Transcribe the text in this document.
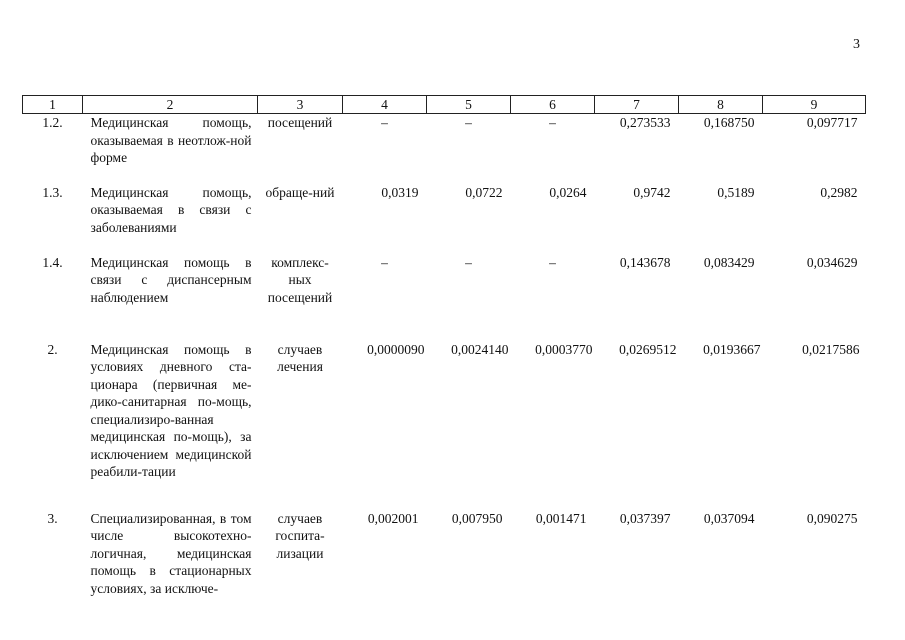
3
1	2	3	4	5	6	7	8	9
1.2.	Медицинская помощь, оказываемая в неотлож-ной форме	посещений	–	–	–	0,273533	0,168750	0,097717
1.3.	Медицинская помощь, оказываемая в связи с заболеваниями	обраще-ний	0,0319	0,0722	0,0264	0,9742	0,5189	0,2982
1.4.	Медицинская помощь в связи с диспансерным наблюдением	комплекс-ных посещений	–	–	–	0,143678	0,083429	0,034629
2.	Медицинская помощь в условиях дневного ста-ционара (первичная ме-дико-санитарная по-мощь, специализиро-ванная медицинская по-мощь), за исключением медицинской реабили-тации	случаев лечения	0,0000090	0,0024140	0,0003770	0,0269512	0,0193667	0,0217586
3.	Специализированная, в том числе высокотехно-логичная, медицинская помощь в стационарных условиях, за исключе-	случаев госпита-лизации	0,002001	0,007950	0,001471	0,037397	0,037094	0,090275
